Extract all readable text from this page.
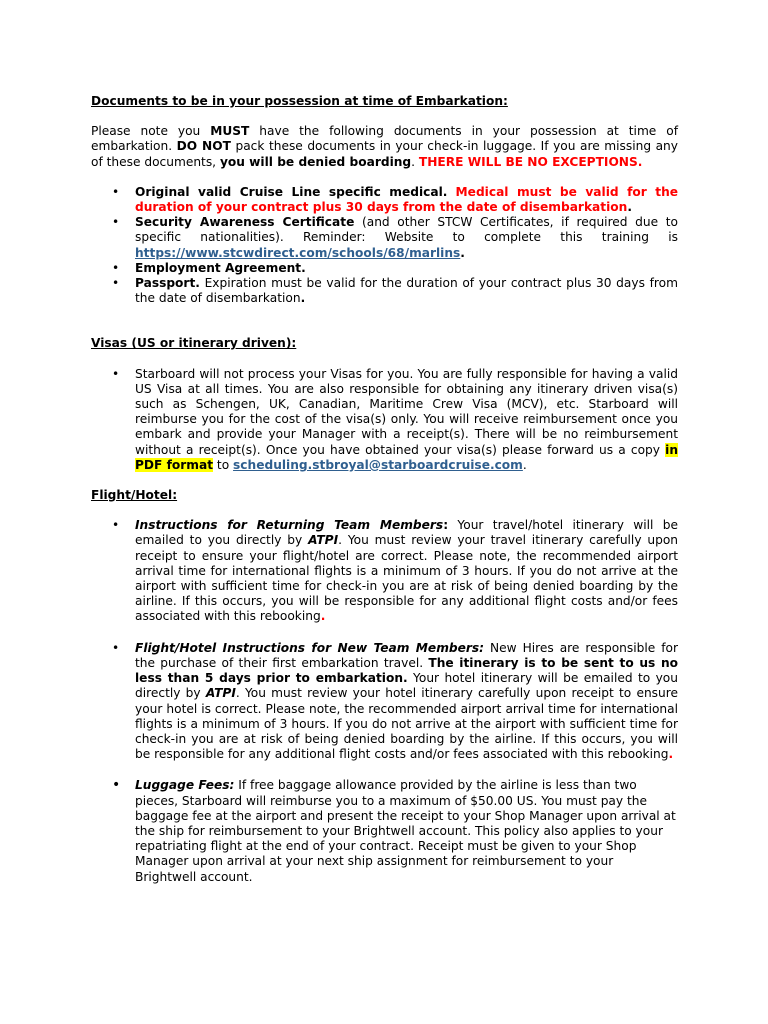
Documents to be in your possession at time of Embarkation:

Please note you MUST have the following documents in your possession at time of embarkation. DO NOT pack these documents in your check-in luggage. If you are missing any of these documents, you will be denied boarding. THERE WILL BE NO EXCEPTIONS.

• Original valid Cruise Line specific medical. Medical must be valid for the duration of your contract plus 30 days from the date of disembarkation.
• Security Awareness Certificate (and other STCW Certificates, if required due to specific nationalities). Reminder: Website to complete this training is https://www.stcwdirect.com/schools/68/marlins.
• Employment Agreement.
• Passport. Expiration must be valid for the duration of your contract plus 30 days from the date of disembarkation.

Visas (US or itinerary driven):

• Starboard will not process your Visas for you. You are fully responsible for having a valid US Visa at all times. You are also responsible for obtaining any itinerary driven visa(s) such as Schengen, UK, Canadian, Maritime Crew Visa (MCV), etc. Starboard will reimburse you for the cost of the visa(s) only. You will receive reimbursement once you embark and provide your Manager with a receipt(s). There will be no reimbursement without a receipt(s). Once you have obtained your visa(s) please forward us a copy in PDF format to scheduling.stbroyal@starboardcruise.com.

Flight/Hotel:

• Instructions for Returning Team Members: Your travel/hotel itinerary will be emailed to you directly by ATPI. You must review your travel itinerary carefully upon receipt to ensure your flight/hotel are correct. Please note, the recommended airport arrival time for international flights is a minimum of 3 hours. If you do not arrive at the airport with sufficient time for check-in you are at risk of being denied boarding by the airline. If this occurs, you will be responsible for any additional flight costs and/or fees associated with this rebooking.
• Flight/Hotel Instructions for New Team Members: New Hires are responsible for the purchase of their first embarkation travel. The itinerary is to be sent to us no less than 5 days prior to embarkation. Your hotel itinerary will be emailed to you directly by ATPI. You must review your hotel itinerary carefully upon receipt to ensure your hotel is correct. Please note, the recommended airport arrival time for international flights is a minimum of 3 hours. If you do not arrive at the airport with sufficient time for check-in you are at risk of being denied boarding by the airline. If this occurs, you will be responsible for any additional flight costs and/or fees associated with this rebooking.
• Luggage Fees: If free baggage allowance provided by the airline is less than two pieces, Starboard will reimburse you to a maximum of $50.00 US. You must pay the baggage fee at the airport and present the receipt to your Shop Manager upon arrival at the ship for reimbursement to your Brightwell account. This policy also applies to your repatriating flight at the end of your contract. Receipt must be given to your Shop Manager upon arrival at your next ship assignment for reimbursement to your Brightwell account.
